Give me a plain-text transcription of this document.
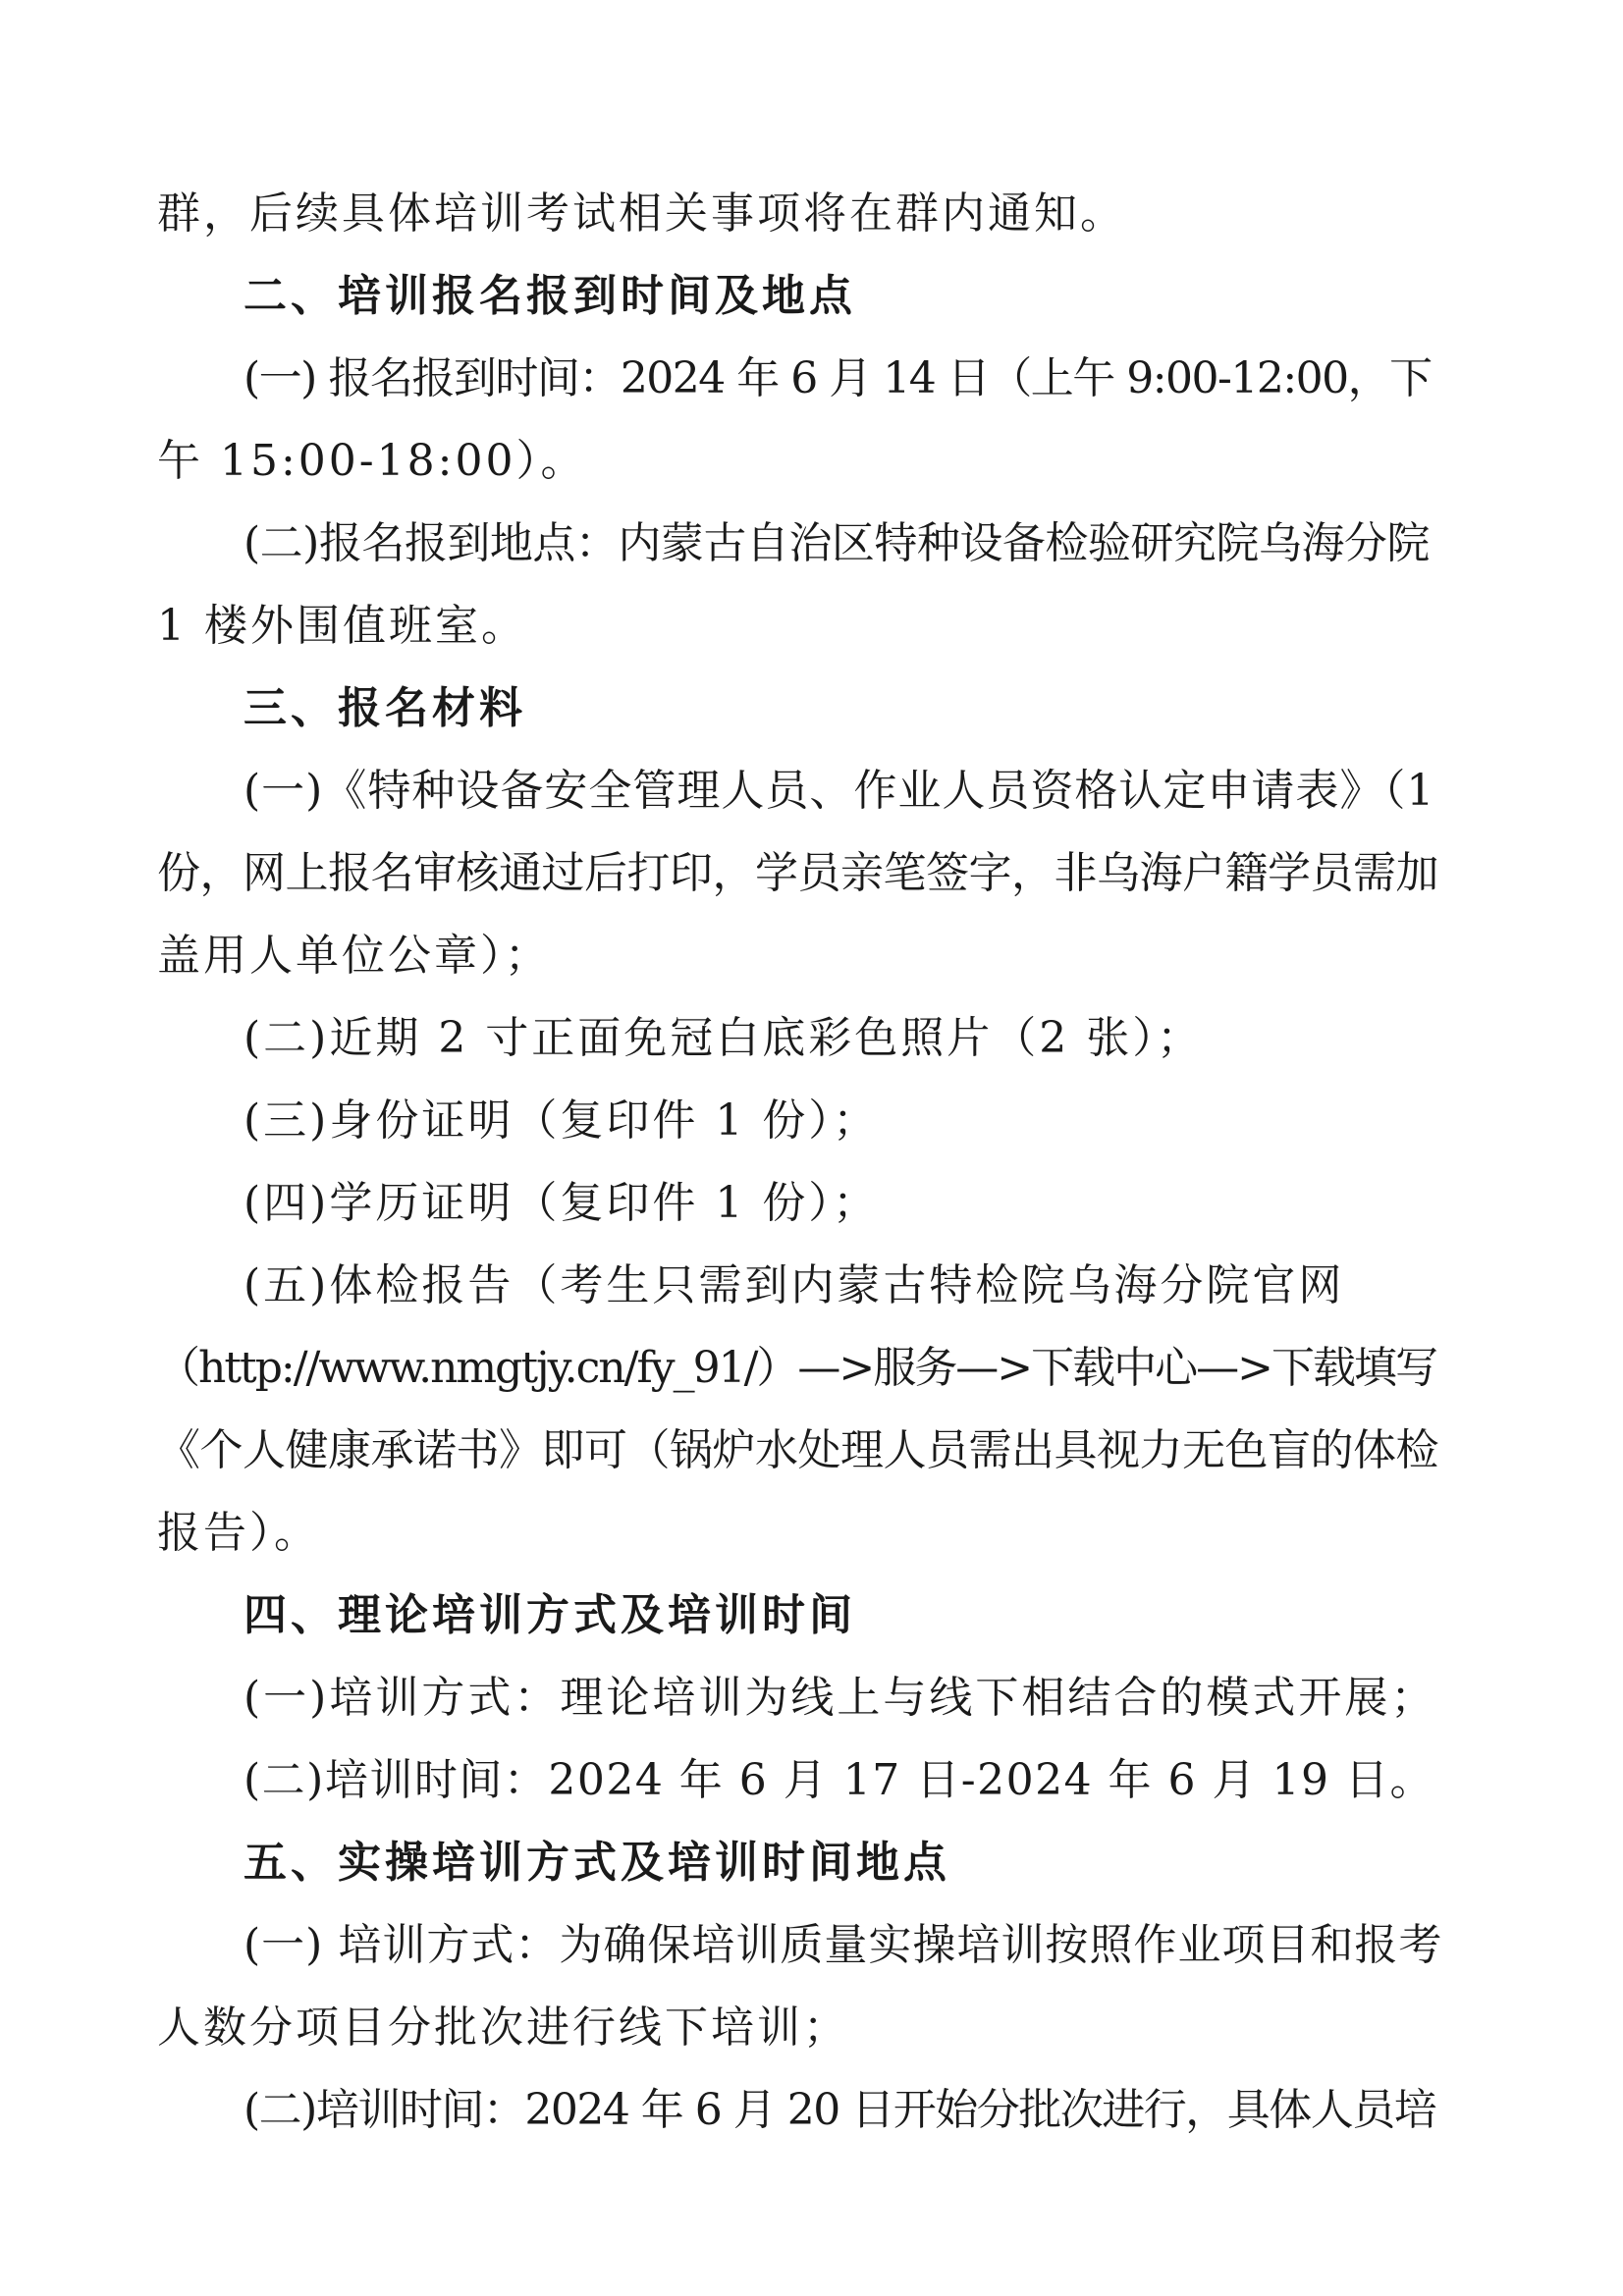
群，后续具体培训考试相关事项将在群内通知。
二、培训报名报到时间及地点
(一) 报名报到时间：2024 年 6 月 14 日（上午 9:00-12:00，下
午 15:00-18:00）。
(二)报名报到地点：内蒙古自治区特种设备检验研究院乌海分院
1 楼外围值班室。
三、报名材料
(一)《特种设备安全管理人员、作业人员资格认定申请表》（1
份，网上报名审核通过后打印，学员亲笔签字，非乌海户籍学员需加
盖用人单位公章）；
(二)近期 2 寸正面免冠白底彩色照片（2 张）；
(三)身份证明（复印件 1 份）；
(四)学历证明（复印件 1 份）；
(五)体检报告（考生只需到内蒙古特检院乌海分院官网
（http://www.nmgtjy.cn/fy_91/）—>服务—>下载中心—>下载填写
《个人健康承诺书》即可（锅炉水处理人员需出具视力无色盲的体检
报告）。
四、理论培训方式及培训时间
(一)培训方式：理论培训为线上与线下相结合的模式开展；
(二)培训时间：2024 年 6 月 17 日-2024 年 6 月 19 日。
五、实操培训方式及培训时间地点
(一) 培训方式：为确保培训质量实操培训按照作业项目和报考
人数分项目分批次进行线下培训；
(二)培训时间：2024 年 6 月 20 日开始分批次进行，具体人员培
